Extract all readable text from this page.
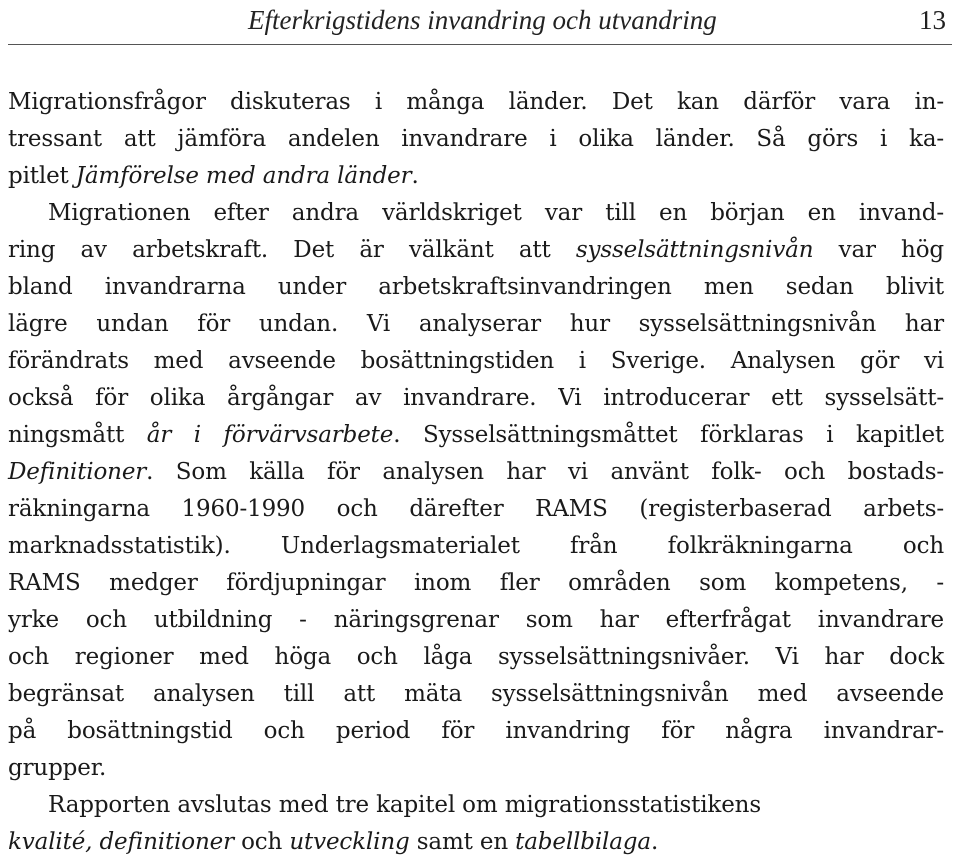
Efterkrigstidens invandring och utvandring	13
Migrationsfrågor diskuteras i många länder. Det kan därför vara in-
tressant att jämföra andelen invandrare i olika länder. Så görs i ka-
pitlet Jämförelse med andra länder.
Migrationen efter andra världskriget var till en början en invand-
ring av arbetskraft. Det är välkänt att sysselsättningsnivån var hög
bland invandrarna under arbetskraftsinvandringen men sedan blivit
lägre undan för undan. Vi analyserar hur sysselsättningsnivån har
förändrats med avseende bosättningstiden i Sverige. Analysen gör vi
också för olika årgångar av invandrare. Vi introducerar ett sysselsätt-
ningsmått år i förvärvsarbete. Sysselsättningsmåttet förklaras i kapitlet
Definitioner. Som källa för analysen har vi använt folk- och bostads-
räkningarna 1960-1990 och därefter RAMS (registerbaserad arbets-
marknadsstatistik). Underlagsmaterialet från folkräkningarna och
RAMS medger fördjupningar inom fler områden som kompetens, -
yrke och utbildning - näringsgrenar som har efterfrågat invandrare
och regioner med höga och låga sysselsättningsnivåer. Vi har dock
begränsat analysen till att mäta sysselsättningsnivån med avseende
på bosättningstid och period för invandring för några invandrar-
grupper.
Rapporten avslutas med tre kapitel om migrationsstatistikens
kvalité, definitioner och utveckling samt en tabellbilaga.
